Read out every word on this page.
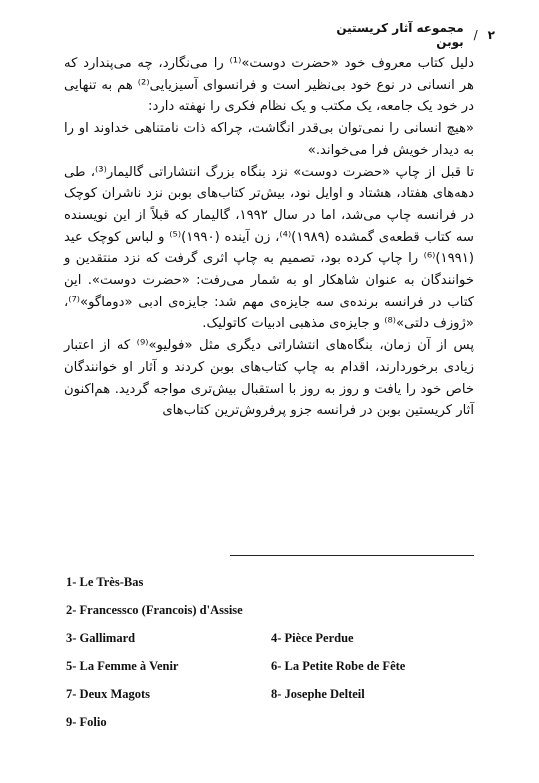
۲
/
مجموعه آثار کریستین بوبن

دلیل کتاب معروف خود «حضرت دوست»⁽¹⁾ را می‌نگارد، چه می‌پندارد که هر انسانی در نوع خود بی‌نظیر است و فرانسوای آسیزیایی⁽²⁾ هم به تنهایی در خود یک جامعه، یک مکتب و یک نظام فکری را نهفته دارد:

«هیچ انسانی را نمی‌توان بی‌قدر انگاشت، چراکه ذات نامتناهی خداوند او را به دیدار خویش فرا می‌خواند.»

تا قبل از چاپ «حضرت دوست» نزد بنگاه بزرگ انتشاراتی گالیمار⁽³⁾، طی دهه‌های هفتاد، هشتاد و اوایل نود، بیش‌تر کتاب‌های بوبن نزد ناشران کوچک در فرانسه چاپ می‌شد، اما در سال ۱۹۹۲، گالیمار که قبلاً از این نویسنده سه کتاب قطعه‌ی گمشده (۱۹۸۹)⁽⁴⁾، زن آینده (۱۹۹۰)⁽⁵⁾ و لباس کوچک عید (۱۹۹۱)⁽⁶⁾ را چاپ کرده بود، تصمیم به چاپ اثری گرفت که نزد منتقدین و خوانندگان به عنوان شاهکار او به شمار می‌رفت: «حضرت دوست». این کتاب در فرانسه برنده‌ی سه جایزه‌ی مهم شد: جایزه‌ی ادبی «دوماگو»⁽⁷⁾، «ژوزف دلتی»⁽⁸⁾ و جایزه‌ی مذهبی ادبیات کاتولیک.

پس از آن زمان، بنگاه‌های انتشاراتی دیگری مثل «فولیو»⁽⁹⁾ که از اعتبار زیادی برخوردارند، اقدام به چاپ کتاب‌های بوبن کردند و آثار او خوانندگان خاص خود را یافت و روز به روز با استقبال بیش‌تری مواجه گردید. هم‌اکنون آثار کریستین بوبن در فرانسه جزو پرفروش‌ترین کتاب‌های

1- Le Très-Bas
2- Francessco (Francois) d'Assise
3- Gallimard	4- Pièce Perdue
5- La Femme à Venir	6- La Petite Robe de Fête
7- Deux Magots	8- Josephe Delteil
9- Folio
